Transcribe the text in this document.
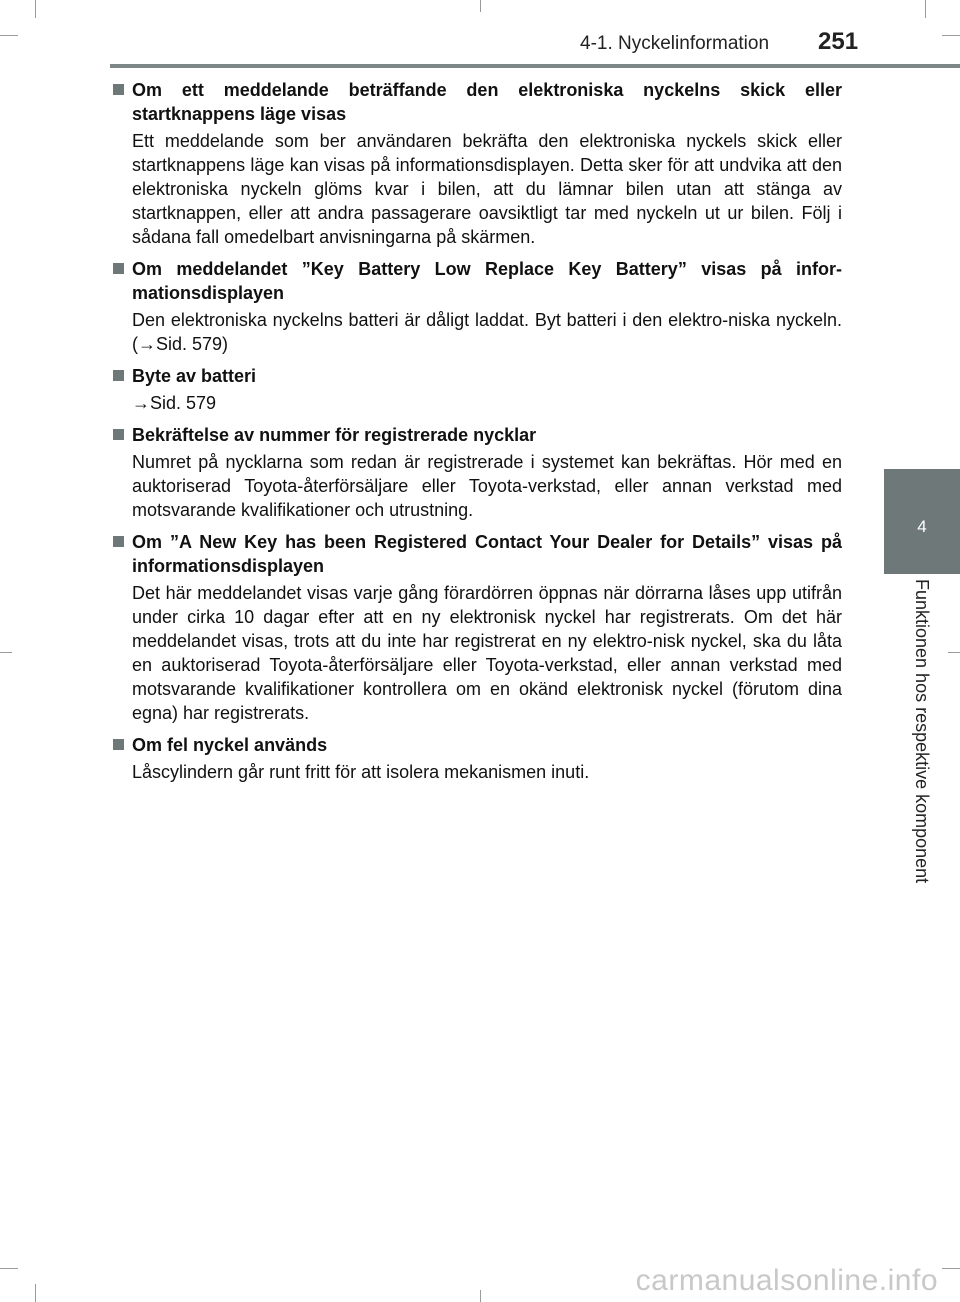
4-1. Nyckelinformation	251
4
Funktionen hos respektive komponent
Om ett meddelande beträffande den elektroniska nyckelns skick eller startknappens läge visas
Ett meddelande som ber användaren bekräfta den elektroniska nyckels skick eller startknappens läge kan visas på informationsdisplayen. Detta sker för att undvika att den elektroniska nyckeln glöms kvar i bilen, att du lämnar bilen utan att stänga av startknappen, eller att andra passagerare oavsiktligt tar med nyckeln ut ur bilen. Följ i sådana fall omedelbart anvisningarna på skärmen.
Om meddelandet ”Key Battery Low Replace Key Battery” visas på infor-mationsdisplayen
Den elektroniska nyckelns batteri är dåligt laddat. Byt batteri i den elektro-niska nyckeln. (→Sid. 579)
Byte av batteri
→Sid. 579
Bekräftelse av nummer för registrerade nycklar
Numret på nycklarna som redan är registrerade i systemet kan bekräftas. Hör med en auktoriserad Toyota-återförsäljare eller Toyota-verkstad, eller annan verkstad med motsvarande kvalifikationer och utrustning.
Om ”A New Key has been Registered Contact Your Dealer for Details” visas på informationsdisplayen
Det här meddelandet visas varje gång förardörren öppnas när dörrarna låses upp utifrån under cirka 10 dagar efter att en ny elektronisk nyckel har registrerats. Om det här meddelandet visas, trots att du inte har registrerat en ny elektro-nisk nyckel, ska du låta en auktoriserad Toyota-återförsäljare eller Toyota-verkstad, eller annan verkstad med motsvarande kvalifikationer kontrollera om en okänd elektronisk nyckel (förutom dina egna) har registrerats.
Om fel nyckel används
Låscylindern går runt fritt för att isolera mekanismen inuti.
carmanualsonline.info
